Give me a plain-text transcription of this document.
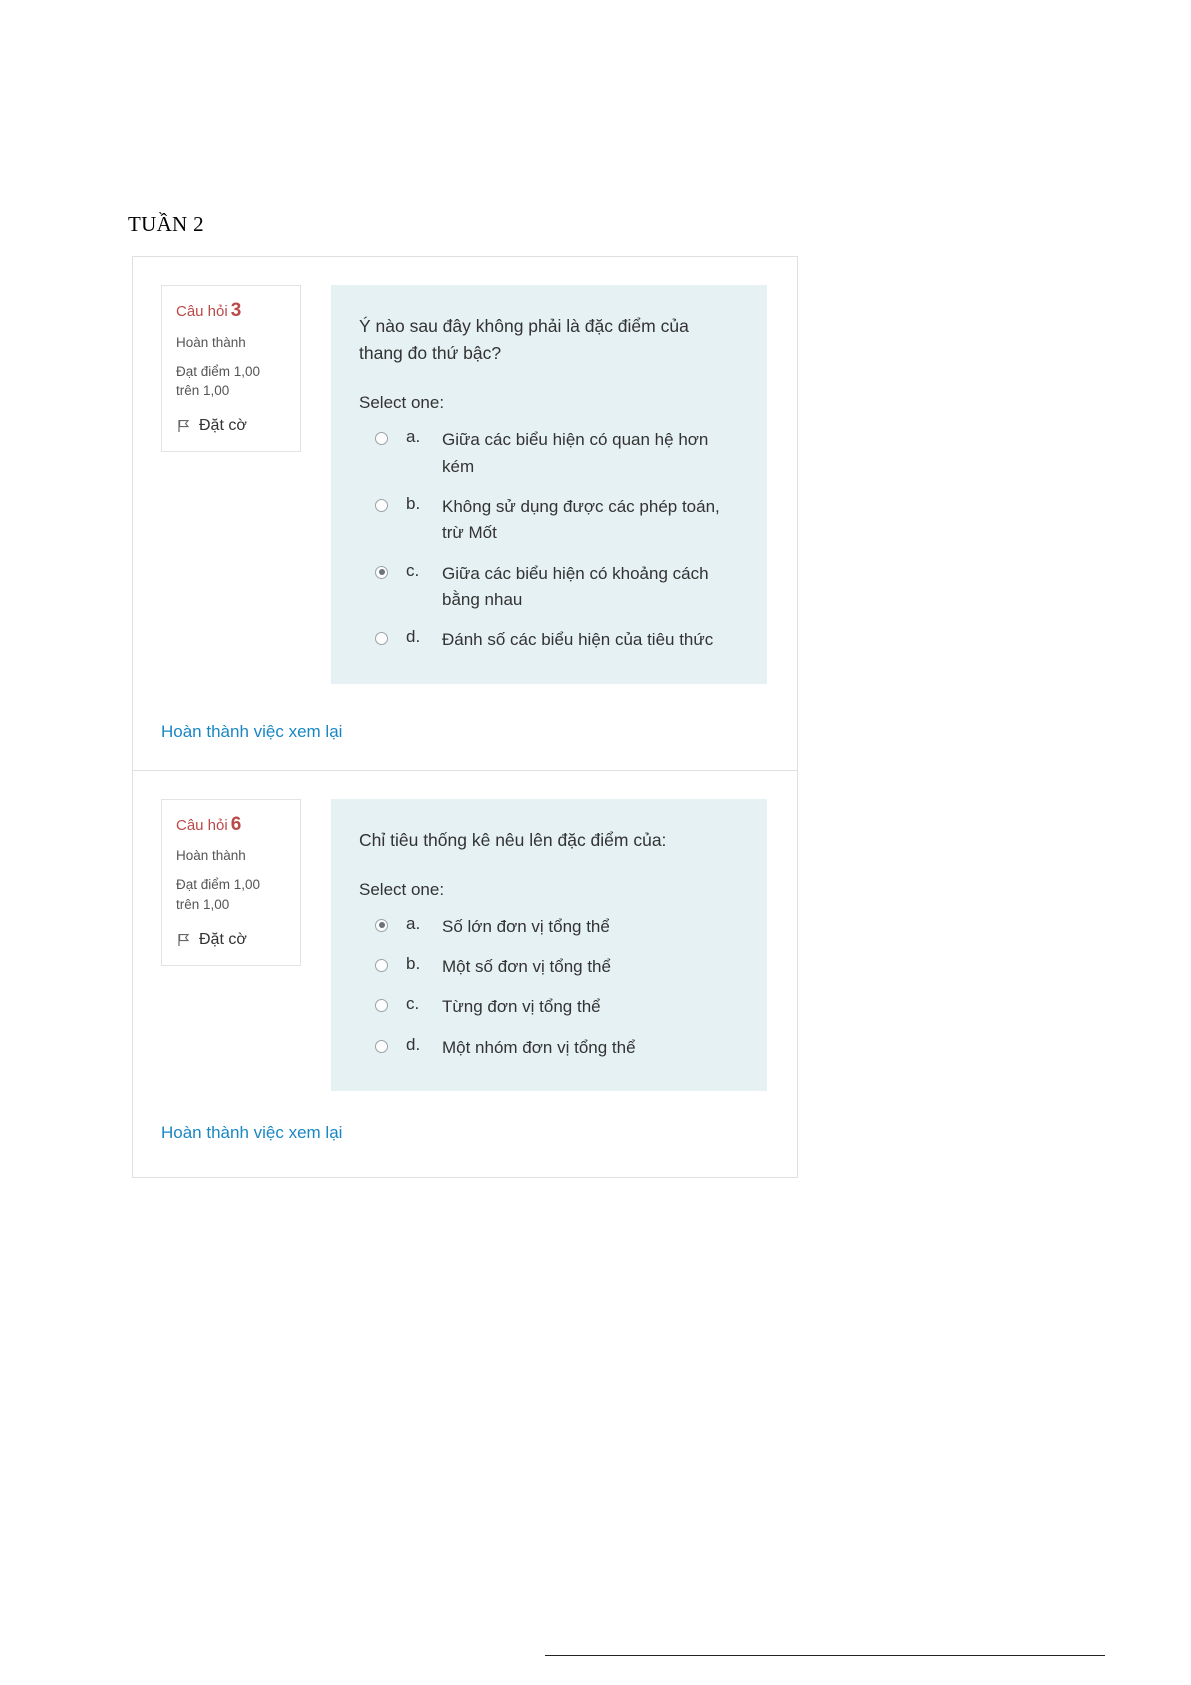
TUẦN 2
Câu hỏi 3
Hoàn thành
Đạt điểm 1,00 trên 1,00
Đặt cờ

Ý nào sau đây không phải là đặc điểm của thang đo thứ bậc?

Select one:
a.	Giữa các biểu hiện có quan hệ hơn kém
b.	Không sử dụng được các phép toán, trừ Mốt
c.	Giữa các biểu hiện có khoảng cách bằng nhau
d.	Đánh số các biểu hiện của tiêu thức
Hoàn thành việc xem lại
Câu hỏi 6
Hoàn thành
Đạt điểm 1,00 trên 1,00
Đặt cờ

Chỉ tiêu thống kê nêu lên đặc điểm của:

Select one:
a.	Số lớn đơn vị tổng thể
b.	Một số đơn vị tổng thể
c.	Từng đơn vị tổng thể
d.	Một nhóm đơn vị tổng thể
Hoàn thành việc xem lại
